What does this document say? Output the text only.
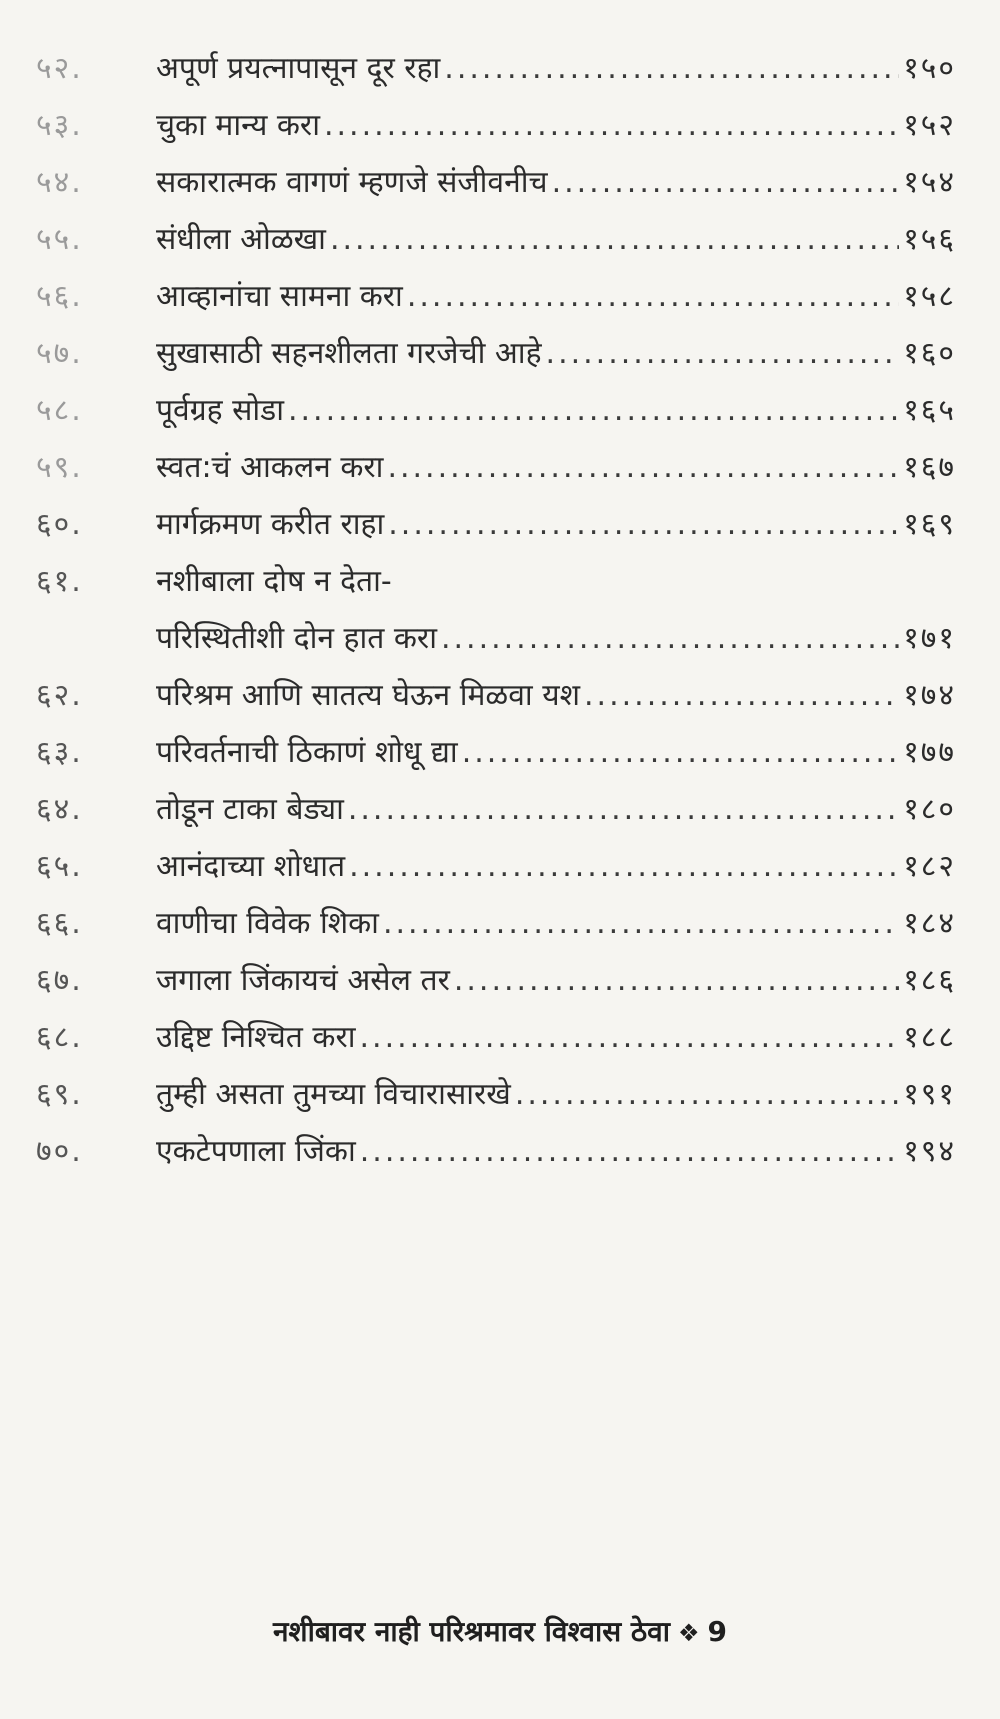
५२.	अपूर्ण प्रयत्नापासून दूर रहा .....	१५०
५३.	चुका मान्य करा .....	१५२
५४.	सकारात्मक वागणं म्हणजे संजीवनीच .....	१५४
५५.	संधीला ओळखा .....	१५६
५६.	आव्हानांचा सामना करा .....	१५८
५७.	सुखासाठी सहनशीलता गरजेची आहे .....	१६०
५८.	पूर्वग्रह सोडा .....	१६५
५९.	स्वत:चं आकलन करा .....	१६७
६०.	मार्गक्रमण करीत राहा .....	१६९
६१.	नशीबाला दोष न देता-
परिस्थितीशी दोन हात करा .....	१७१
६२.	परिश्रम आणि सातत्य घेऊन मिळवा यश .....	१७४
६३.	परिवर्तनाची ठिकाणं शोधू द्या .....	१७७
६४.	तोडून टाका बेड्या .....	१८०
६५.	आनंदाच्या शोधात .....	१८२
६६.	वाणीचा विवेक शिका .....	१८४
६७.	जगाला जिंकायचं असेल तर .....	१८६
६८.	उद्दिष्ट निश्चित करा .....	१८८
६९.	तुम्ही असता तुमच्या विचारासारखे .....	१९१
७०.	एकटेपणाला जिंका .....	१९४
नशीबावर नाही परिश्रमावर विश्वास ठेवा ❖ 9
